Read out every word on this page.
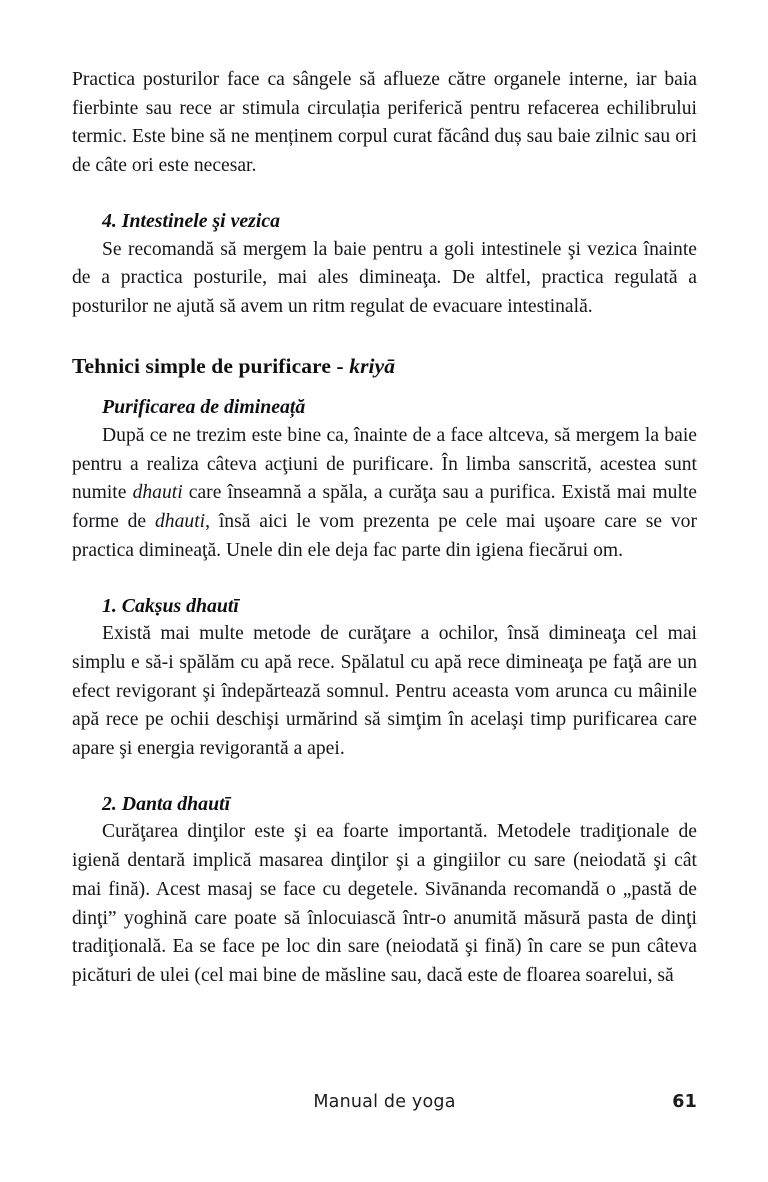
Practica posturilor face ca sângele să aflueze către organele interne, iar baia fierbinte sau rece ar stimula circulația periferică pentru refacerea echilibrului termic. Este bine să ne menținem corpul curat făcând duș sau baie zilnic sau ori de câte ori este necesar.

4. Intestinele şi vezica

Se recomandă să mergem la baie pentru a goli intestinele şi vezica înainte de a practica posturile, mai ales dimineaţa. De altfel, practica regulată a posturilor ne ajută să avem un ritm regulat de evacuare intestinală.

Tehnici simple de purificare - kriyā
Purificarea de dimineață

După ce ne trezim este bine ca, înainte de a face altceva, să mergem la baie pentru a realiza câteva acţiuni de purificare. În limba sanscrită, acestea sunt numite dhauti care înseamnă a spăla, a curăţa sau a purifica. Există mai multe forme de dhauti, însă aici le vom prezenta pe cele mai uşoare care se vor practica dimineaţă. Unele din ele deja fac parte din igiena fiecărui om.

1. Cakṣus dhautī

Există mai multe metode de curăţare a ochilor, însă dimineaţa cel mai simplu e să-i spălăm cu apă rece. Spălatul cu apă rece dimineaţa pe faţă are un efect revigorant şi îndepărtează somnul. Pentru aceasta vom arunca cu mâinile apă rece pe ochii deschişi urmărind să simţim în acelaşi timp purificarea care apare şi energia revigorantă a apei.

2. Danta dhautī

Curăţarea dinţilor este şi ea foarte importantă. Metodele tradiţionale de igienă dentară implică masarea dinţilor şi a gingiilor cu sare (neiodată şi cât mai fină). Acest masaj se face cu degetele. Sivānanda recomandă o „pastă de dinţi” yoghină care poate să înlocuiască într-o anumită măsură pasta de dinţi tradiţională. Ea se face pe loc din sare (neiodată şi fină) în care se pun câteva picături de ulei (cel mai bine de măsline sau, dacă este de floarea soarelui, să

Manual de yoga	61
